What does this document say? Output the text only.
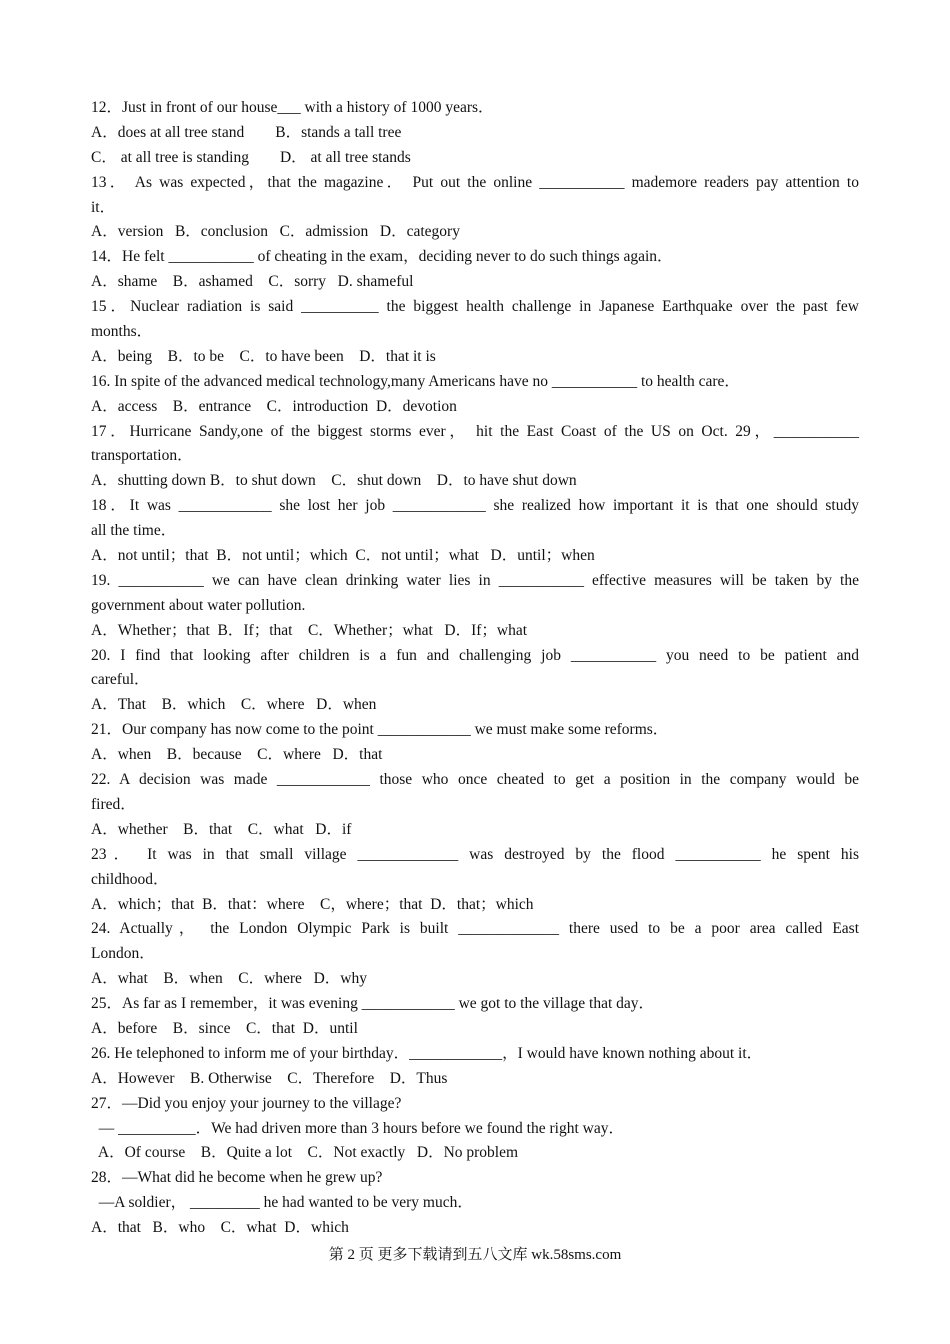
12．Just in front of our house___ with a history of 1000 years．
A．does at all tree stand        B．stands a tall tree
C． at all tree is standing        D． at all tree stands
13． As was expected，that the magazine． Put out the online ___________ mademore readers pay attention to
it．
A．version   B．conclusion   C．admission   D．category
14．He felt ___________ of cheating in the exam，deciding never to do such things again．
A．shame    B．ashamed    C．sorry   D. shameful
15．Nuclear radiation is said __________ the biggest health challenge in Japanese Earthquake over the past few
months．
A．being    B．to be    C．to have been    D．that it is
16. In spite of the advanced medical technology,many Americans have no ___________ to health care．
A．access    B．entrance    C．introduction  D．devotion
17．Hurricane Sandy,one of the biggest storms ever， hit the East Coast of the US on Oct. 29，___________
transportation．
A．shutting down B．to shut down    C．shut down    D．to have shut down
18．It was ____________ she lost her job ____________ she realized how important it is that one should study
all the time．
A．not until；that  B．not until；which  C．not until；what   D．until；when
19. ___________ we can have clean drinking water lies in ___________ effective measures will be taken by the
government about water pollution.
A．Whether；that  B．If；that    C．Whether；what   D．If；what
20. I find that looking after children is a fun and challenging job ___________ you need to be patient and
careful．
A．That    B．which    C．where   D．when
21．Our company has now come to the point ____________ we must make some reforms．
A．when    B．because    C．where   D．that
22. A decision was made ____________ those who once cheated to get a position in the company would be
fired．
A．whether    B．that    C．what   D．if
23． It was in that small village _____________ was destroyed by the flood ___________ he spent his
childhood．
A．which；that  B．that：where    C，where；that  D．that；which
24. Actually， the London Olympic Park is built _____________ there used to be a poor area called East
London．
A．what    B．when    C．where   D．why
25．As far as I remember，it was evening ____________ we got to the village that day．
A．before    B．since    C．that  D．until
26. He telephoned to inform me of your birthday．____________，I would have known nothing about it．
A．However    B. Otherwise    C．Therefore    D．Thus
27．—Did you enjoy your journey to the village?
— __________．We had driven more than 3 hours before we found the right way．
A．Of course    B．Quite a lot    C．Not exactly   D．No problem
28．—What did he become when he grew up?
—A soldier， _________ he had wanted to be very much．
A．that   B．who    C．what  D．which
第 2 页 更多下载请到五八文库 wk.58sms.com
